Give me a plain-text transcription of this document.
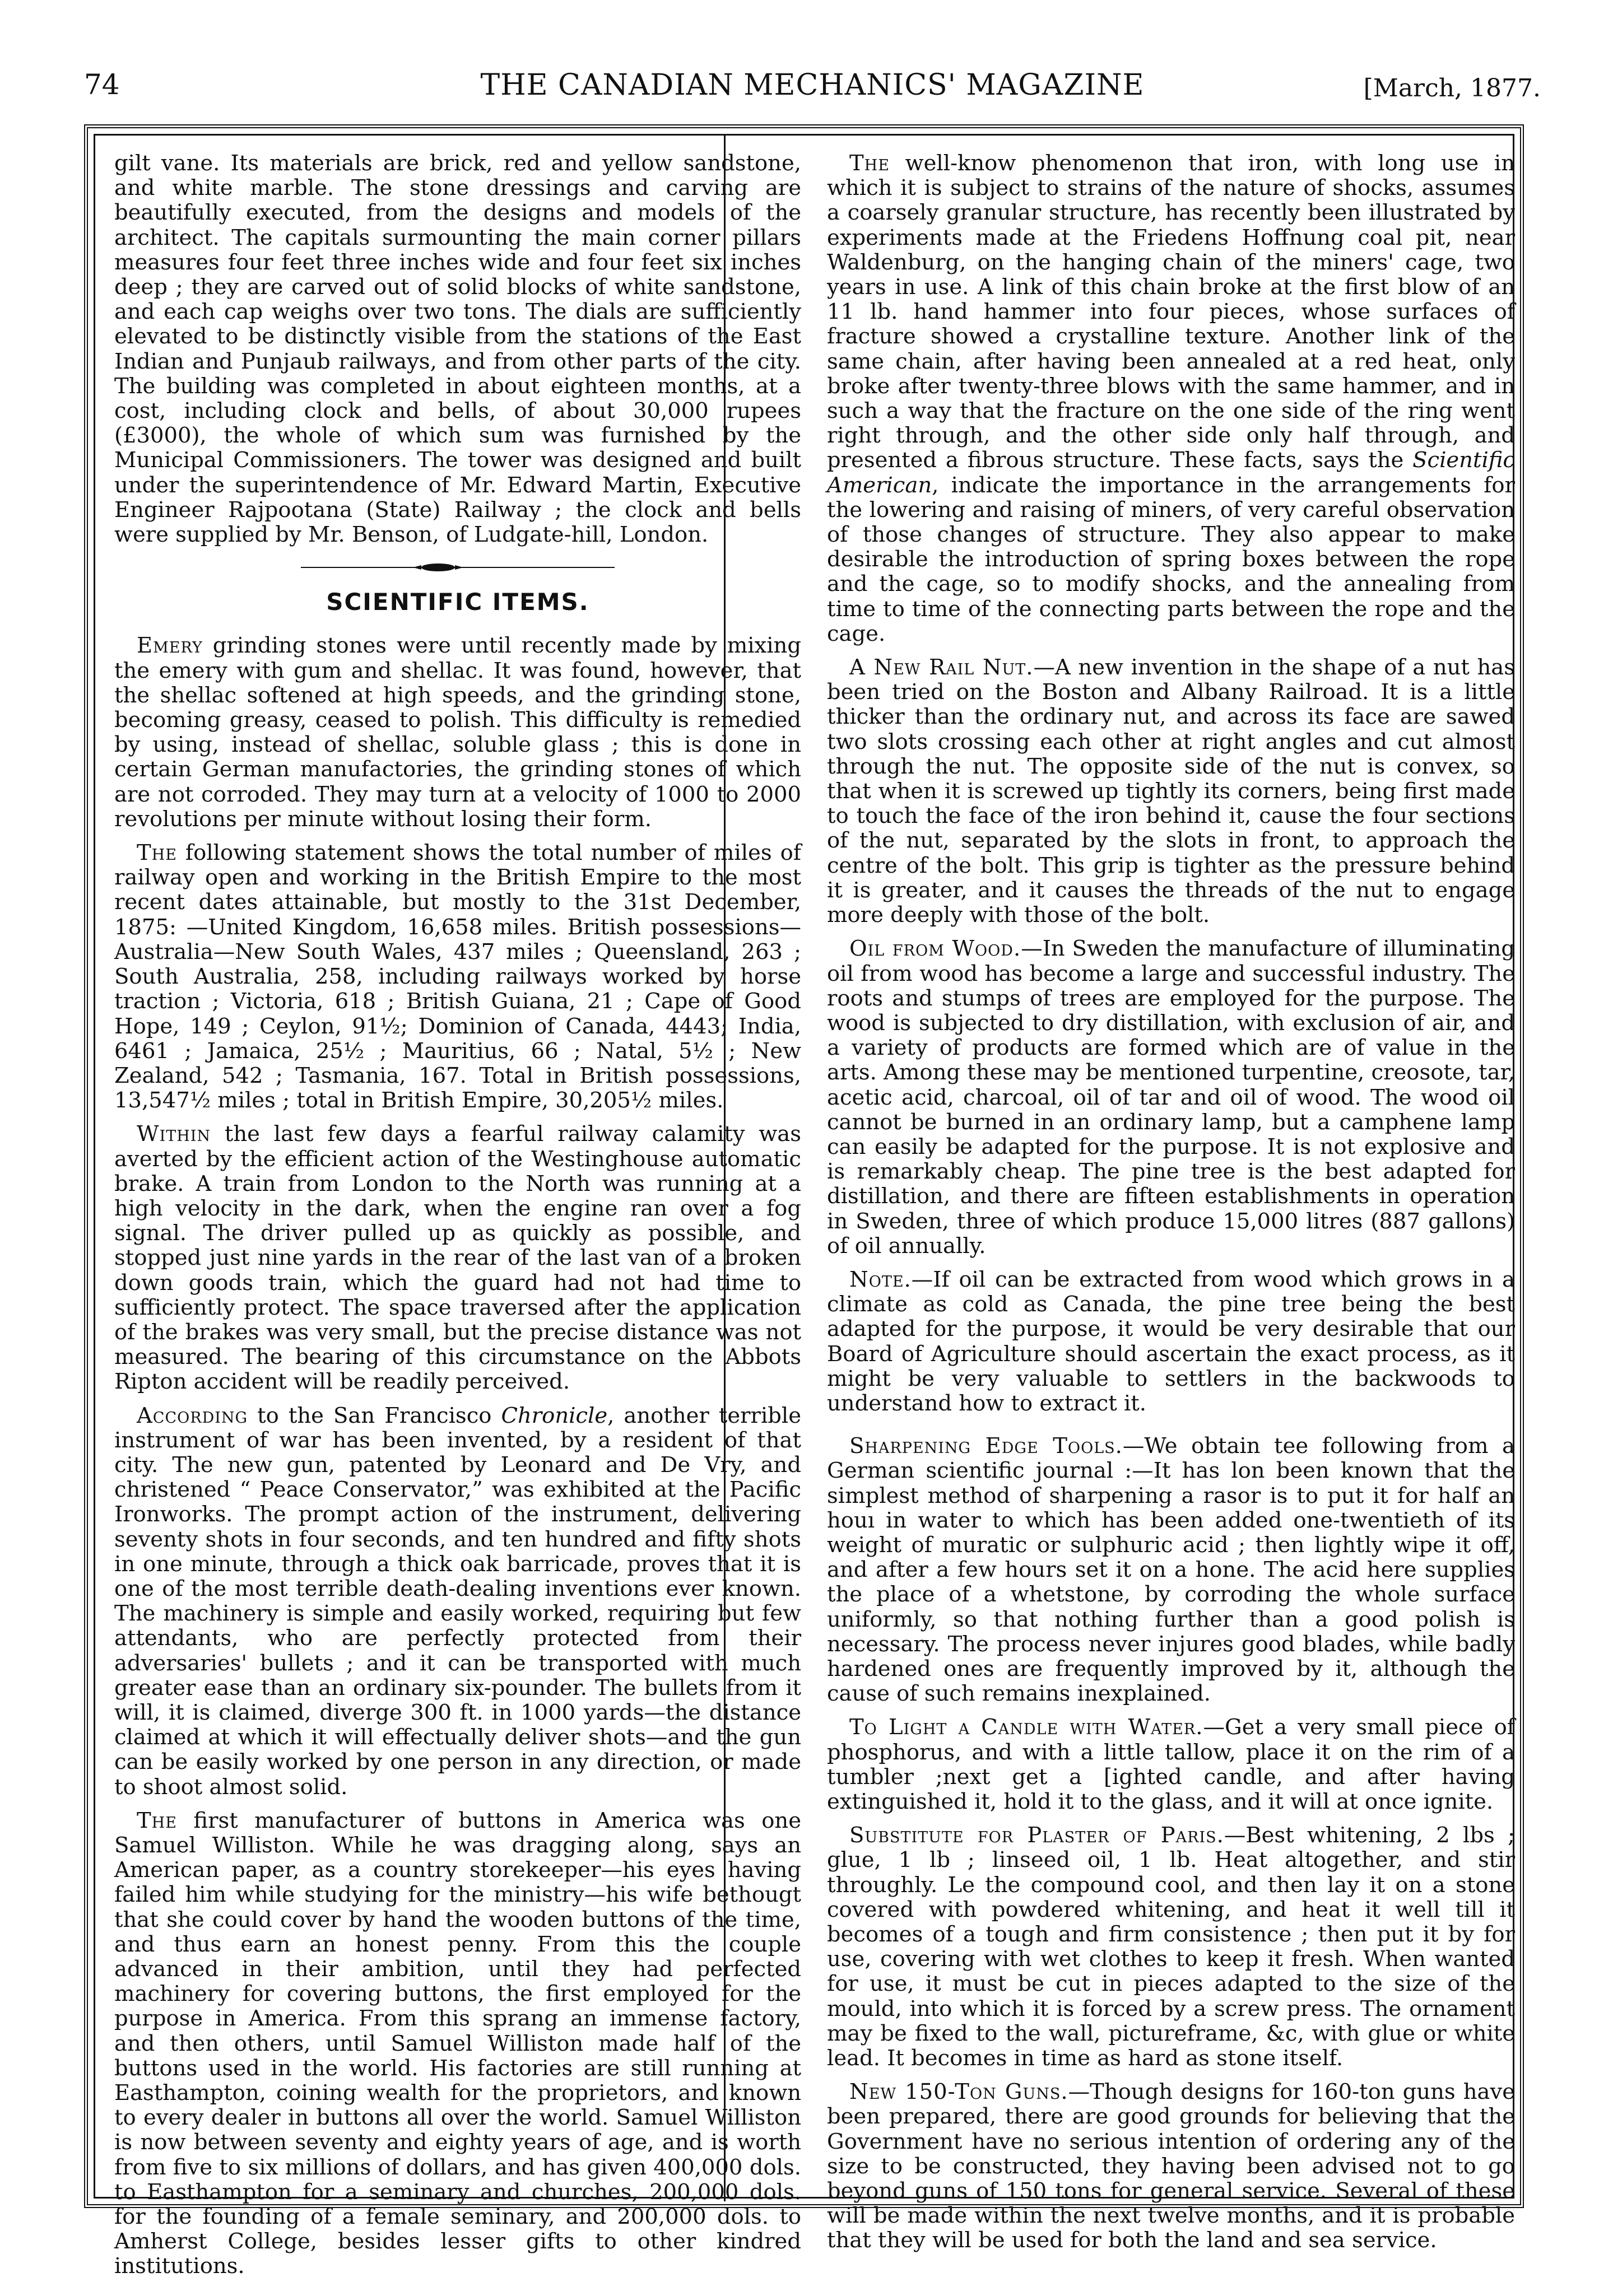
74	THE CANADIAN MECHANICS' MAGAZINE	[March, 1877.

gilt vane. Its materials are brick, red and yellow sandstone, and white marble. The stone dressings and carving are beautifully executed, from the designs and models of the architect. The capitals surmounting the main corner pillars measures four feet three inches wide and four feet six inches deep ; they are carved out of solid blocks of white sandstone, and each cap weighs over two tons. The dials are sufficiently elevated to be distinctly visible from the stations of the East Indian and Punjaub railways, and from other parts of the city. The building was completed in about eighteen months, at a cost, including clock and bells, of about 30,000 rupees (£3000), the whole of which sum was furnished by the Municipal Commissioners. The tower was designed and built under the superintendence of Mr. Edward Martin, Executive Engineer Rajpootana (State) Railway ; the clock and bells were supplied by Mr. Benson, of Ludgate-hill, London.

SCIENTIFIC ITEMS.

Emery grinding stones were until recently made by mixing the emery with gum and shellac. It was found, however, that the shellac softened at high speeds, and the grinding stone, becoming greasy, ceased to polish. This difficulty is remedied by using, instead of shellac, soluble glass ; this is done in certain German manufactories, the grinding stones of which are not corroded. They may turn at a velocity of 1000 to 2000 revolutions per minute without losing their form.

The following statement shows the total number of miles of railway open and working in the British Empire to the most recent dates attainable, but mostly to the 31st December, 1875: —United Kingdom, 16,658 miles. British possessions—Australia—New South Wales, 437 miles ; Queensland, 263 ; South Australia, 258, including railways worked by horse traction ; Victoria, 618 ; British Guiana, 21 ; Cape of Good Hope, 149 ; Ceylon, 91½; Dominion of Canada, 4443; India, 6461 ; Jamaica, 25½ ; Mauritius, 66 ; Natal, 5½ ; New Zealand, 542 ; Tasmania, 167. Total in British possessions, 13,547½ miles ; total in British Empire, 30,205½ miles.

Within the last few days a fearful railway calamity was averted by the efficient action of the Westinghouse automatic brake. A train from London to the North was running at a high velocity in the dark, when the engine ran over a fog signal. The driver pulled up as quickly as possible, and stopped just nine yards in the rear of the last van of a broken down goods train, which the guard had not had time to sufficiently protect. The space traversed after the application of the brakes was very small, but the precise distance was not measured. The bearing of this circumstance on the Abbots Ripton accident will be readily perceived.

According to the San Francisco Chronicle, another terrible instrument of war has been invented, by a resident of that city. The new gun, patented by Leonard and De Vry, and christened “ Peace Conservator,” was exhibited at the Pacific Ironworks. The prompt action of the instrument, delivering seventy shots in four seconds, and ten hundred and fifty shots in one minute, through a thick oak barricade, proves that it is one of the most terrible death-dealing inventions ever known. The machinery is simple and easily worked, requiring but few attendants, who are perfectly protected from their adversaries' bullets ; and it can be transported with much greater ease than an ordinary six-pounder. The bullets from it will, it is claimed, diverge 300 ft. in 1000 yards—the distance claimed at which it will effectually deliver shots—and the gun can be easily worked by one person in any direction, or made to shoot almost solid.

The first manufacturer of buttons in America was one Samuel Williston. While he was dragging along, says an American paper, as a country storekeeper—his eyes having failed him while studying for the ministry—his wife bethougt that she could cover by hand the wooden buttons of the time, and thus earn an honest penny. From this the couple advanced in their ambition, until they had perfected machinery for covering buttons, the first employed for the purpose in America. From this sprang an immense factory, and then others, until Samuel Williston made half of the buttons used in the world. His factories are still running at Easthampton, coining wealth for the proprietors, and known to every dealer in buttons all over the world. Samuel Williston is now between seventy and eighty years of age, and is worth from five to six millions of dollars, and has given 400,000 dols. to Easthampton for a seminary and churches, 200,000 dols. for the founding of a female seminary, and 200,000 dols. to Amherst College, besides lesser gifts to other kindred institutions.

The well-know phenomenon that iron, with long use in which it is subject to strains of the nature of shocks, assumes a coarsely granular structure, has recently been illustrated by experiments made at the Friedens Hoffnung coal pit, near Waldenburg, on the hanging chain of the miners' cage, two years in use. A link of this chain broke at the first blow of an 11 lb. hand hammer into four pieces, whose surfaces of fracture showed a crystalline texture. Another link of the same chain, after having been annealed at a red heat, only broke after twenty-three blows with the same hammer, and in such a way that the fracture on the one side of the ring went right through, and the other side only half through, and presented a fibrous structure. These facts, says the Scientific American, indicate the importance in the arrangements for the lowering and raising of miners, of very careful observation of those changes of structure. They also appear to make desirable the introduction of spring boxes between the rope and the cage, so to modify shocks, and the annealing from time to time of the connecting parts between the rope and the cage.

A New Rail Nut.—A new invention in the shape of a nut has been tried on the Boston and Albany Railroad. It is a little thicker than the ordinary nut, and across its face are sawed two slots crossing each other at right angles and cut almost through the nut. The opposite side of the nut is convex, so that when it is screwed up tightly its corners, being first made to touch the face of the iron behind it, cause the four sections of the nut, separated by the slots in front, to approach the centre of the bolt. This grip is tighter as the pressure behind it is greater, and it causes the threads of the nut to engage more deeply with those of the bolt.

Oil from Wood.—In Sweden the manufacture of illuminating oil from wood has become a large and successful industry. The roots and stumps of trees are employed for the purpose. The wood is subjected to dry distillation, with exclusion of air, and a variety of products are formed which are of value in the arts. Among these may be mentioned turpentine, creosote, tar, acetic acid, charcoal, oil of tar and oil of wood. The wood oil cannot be burned in an ordinary lamp, but a camphene lamp can easily be adapted for the purpose. It is not explosive and is remarkably cheap. The pine tree is the best adapted for distillation, and there are fifteen establishments in operation in Sweden, three of which produce 15,000 litres (887 gallons) of oil annually.

Note.—If oil can be extracted from wood which grows in a climate as cold as Canada, the pine tree being the best adapted for the purpose, it would be very desirable that our Board of Agriculture should ascertain the exact process, as it might be very valuable to settlers in the backwoods to understand how to extract it.

Sharpening Edge Tools.—We obtain tee following from a German scientific journal :—It has lon been known that the simplest method of sharpening a rasor is to put it for half an houı in water to which has been added one-twentieth of its weight of muratic or sulphuric acid ; then lightly wipe it off, and after a few hours set it on a hone. The acid here supplies the place of a whetstone, by corroding the whole surface uniformly, so that nothing further than a good polish is necessary. The process never injures good blades, while badly hardened ones are frequently improved by it, although the cause of such remains inexplained.

To Light a Candle with Water.—Get a very small piece of phosphorus, and with a little tallow, place it on the rim of a tumbler ;next get a [ighted candle, and after having extinguished it, hold it to the glass, and it will at once ignite.

Substitute for Plaster of Paris.—Best whitening, 2 lbs ; glue, 1 lb ; linseed oil, 1 lb. Heat altogether, and stir throughly. Le the compound cool, and then lay it on a stone covered with powdered whitening, and heat it well till it becomes of a tough and firm consistence ; then put it by for use, covering with wet clothes to keep it fresh. When wanted for use, it must be cut in pieces adapted to the size of the mould, into which it is forced by a screw press. The ornament may be fixed to the wall, pictureframe, &c, with glue or white lead. It becomes in time as hard as stone itself.

New 150-Ton Guns.—Though designs for 160-ton guns have been prepared, there are good grounds for believing that the Government have no serious intention of ordering any of the size to be constructed, they having been advised not to go beyond guns of 150 tons for general service. Several of these will be made within the next twelve months, and it is probable that they will be used for both the land and sea service.
